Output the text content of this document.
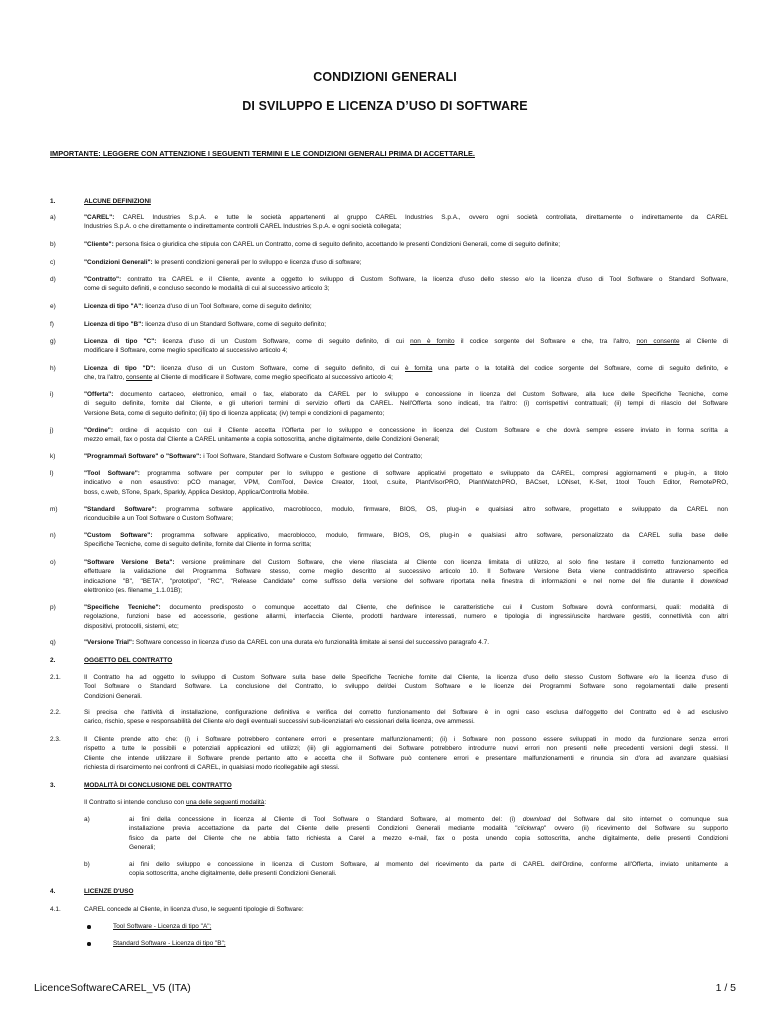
CONDIZIONI GENERALI
DI SVILUPPO E LICENZA D’USO DI SOFTWARE
IMPORTANTE: LEGGERE CON ATTENZIONE I SEGUENTI TERMINI E LE CONDIZIONI GENERALI PRIMA DI ACCETTARLE.
1.	ALCUNE DEFINIZIONI
a)	"CAREL": CAREL Industries S.p.A. e tutte le società appartenenti al gruppo CAREL Industries S.p.A., ovvero ogni società controllata, direttamente o indirettamente da CAREL
Industries S.p.A. o che direttamente o indirettamente controlli CAREL Industries S.p.A. e ogni società collegata;
b)	"Cliente": persona fisica o giuridica che stipula con CAREL un Contratto, come di seguito definito, accettando le presenti Condizioni Generali, come di seguito definite;
c)	"Condizioni Generali": le presenti condizioni generali per lo sviluppo e licenza d'uso di software;
d)	"Contratto": contratto tra CAREL e il Cliente, avente a oggetto lo sviluppo di Custom Software, la licenza d'uso dello stesso e/o la licenza d'uso di Tool Software o Standard Software,
come di seguito definiti, e concluso secondo le modalità di cui al successivo articolo 3;
e)	Licenza di tipo "A": licenza d'uso di un Tool Software, come di seguito definito;
f)	Licenza di tipo "B": licenza d'uso di un Standard Software, come di seguito definito;
g)	Licenza di tipo "C": licenza d'uso di un Custom Software, come di seguito definito, di cui non è fornito il codice sorgente del Software e che, tra l'altro, non consente al Cliente di
modificare il Software, come meglio specificato al successivo articolo 4;
h)	Licenza di tipo "D": licenza d'uso di un Custom Software, come di seguito definito, di cui è fornita una parte o la totalità del codice sorgente del Software, come di seguito definito, e
che, tra l'altro, consente al Cliente di modificare il Software, come meglio specificato al successivo articolo 4;
i)	"Offerta": documento cartaceo, elettronico, email o fax, elaborato da CAREL per lo sviluppo e concessione in licenza del Custom Software, alla luce delle Specifiche Tecniche, come
di seguito definite, fornite dal Cliente, e gli ulteriori termini di servizio offerti da CAREL. Nell'Offerta sono indicati, tra l'altro: (i) corrispettivi contrattuali; (ii) tempi di rilascio del Software
Versione Beta, come di seguito definito; (iii) tipo di licenza applicata; (iv) tempi e condizioni di pagamento;
j)	"Ordine": ordine di acquisto con cui il Cliente accetta l'Offerta per lo sviluppo e concessione in licenza del Custom Software e che dovrà sempre essere inviato in forma scritta a
mezzo email, fax o posta dal Cliente a CAREL unitamente a copia sottoscritta, anche digitalmente, delle Condizioni Generali;
k)	"Programma/i Software" o "Software": i Tool Software, Standard Software e Custom Software oggetto del Contratto;
l)	"Tool Software": programma software per computer per lo sviluppo e gestione di software applicativi progettato e sviluppato da CAREL, compresi aggiornamenti e plug-in, a titolo
indicativo e non esaustivo: pCO manager, VPM, ComTool, Device Creator, 1tool, c.suite, PlantVisorPRO, PlantWatchPRO, BACset, LONset, K-Set, 1tool Touch Editor, RemotePRO,
boss, c.web, STone, Spark, Sparkly, Applica Desktop, Applica/Controlla Mobile.
m)	"Standard Software": programma software applicativo, macroblocco, modulo, firmware, BIOS, OS, plug-in e qualsiasi altro software, progettato e sviluppato da CAREL non
riconducibile a un Tool Software o Custom Software;
n)	"Custom Software": programma software applicativo, macroblocco, modulo, firmware, BIOS, OS, plug-in e qualsiasi altro software, personalizzato da CAREL sulla base delle
Specifiche Tecniche, come di seguito definite, fornite dal Cliente in forma scritta;
o)	"Software Versione Beta": versione preliminare del Custom Software, che viene rilasciata al Cliente con licenza limitata di utilizzo, al solo fine testare il corretto funzionamento ed
effettuare la validazione del Programma Software stesso, come meglio descritto al successivo articolo 10. Il Software Versione Beta viene contraddistinto attraverso specifica
indicazione "B", "BETA", "prototipo", "RC", "Release Candidate" come suffisso della versione del software riportata nella finestra di informazioni e nel nome del file durante il download
elettronico (es. filename_1.1.01B);
p)	"Specifiche Tecniche": documento predisposto o comunque accettato dal Cliente, che definisce le caratteristiche cui il Custom Software dovrà conformarsi, quali: modalità di
regolazione, funzioni base ed accessorie, gestione allarmi, interfaccia Cliente, prodotti hardware interessati, numero e tipologia di ingressi/uscite hardware gestiti, connettività con altri
dispositivi, protocolli, sistemi, etc;
q)	"Versione Trial": Software concesso in licenza d'uso da CAREL con una durata e/o funzionalità limitate ai sensi del successivo paragrafo 4.7.
2.	OGGETTO DEL CONTRATTO
2.1.	Il Contratto ha ad oggetto lo sviluppo di Custom Software sulla base delle Specifiche Tecniche fornite dal Cliente, la licenza d'uso dello stesso Custom Software e/o la licenza d'uso di
Tool Software o Standard Software. La conclusione del Contratto, lo sviluppo del/dei Custom Software e le licenze dei Programmi Software sono regolamentati dalle presenti
Condizioni Generali.
2.2.	Si precisa che l'attività di installazione, configurazione definitiva e verifica del corretto funzionamento del Software è in ogni caso esclusa dall'oggetto del Contratto ed è ad esclusivo
carico, rischio, spese e responsabilità del Cliente e/o degli eventuali successivi sub-licenziatari e/o cessionari della licenza, ove ammessi.
2.3.	Il Cliente prende atto che: (i) i Software potrebbero contenere errori e presentare malfunzionamenti; (ii) i Software non possono essere sviluppati in modo da funzionare senza errori
rispetto a tutte le possibili e potenziali applicazioni ed utilizzi; (iii) gli aggiornamenti dei Software potrebbero introdurre nuovi errori non presenti nelle precedenti versioni degli stessi. Il
Cliente che intende utilizzare il Software prende pertanto atto e accetta che il Software può contenere errori e presentare malfunzionamenti e rinuncia sin d'ora ad avanzare qualsiasi
richiesta di risarcimento nei confronti di CAREL, in qualsiasi modo ricollegabile agli stessi.
3.	MODALITÀ DI CONCLUSIONE DEL CONTRATTO
Il Contratto si intende concluso con una delle seguenti modalità:
a)	ai fini della concessione in licenza al Cliente di Tool Software o Standard Software, al momento del: (i) download del Software dal sito internet o comunque sua
installazione previa accettazione da parte del Cliente delle presenti Condizioni Generali mediante modalità "clickwrap" ovvero (ii) ricevimento del Software su supporto
fisico da parte del Cliente che ne abbia fatto richiesta a Carel a mezzo e-mail, fax o posta unendo copia sottoscritta, anche digitalmente, delle presenti Condizioni
Generali;
b)	ai fini dello sviluppo e concessione in licenza di Custom Software, al momento del ricevimento da parte di CAREL dell'Ordine, conforme all'Offerta, inviato unitamente a
copia sottoscritta, anche digitalmente, delle presenti Condizioni Generali.
4.	LICENZE D'USO
4.1.	CAREL concede al Cliente, in licenza d'uso, le seguenti tipologie di Software:
Tool Software - Licenza di tipo "A";
Standard Software - Licenza di tipo "B";
LicenceSoftwareCAREL_V5 (ITA)	1 / 5
